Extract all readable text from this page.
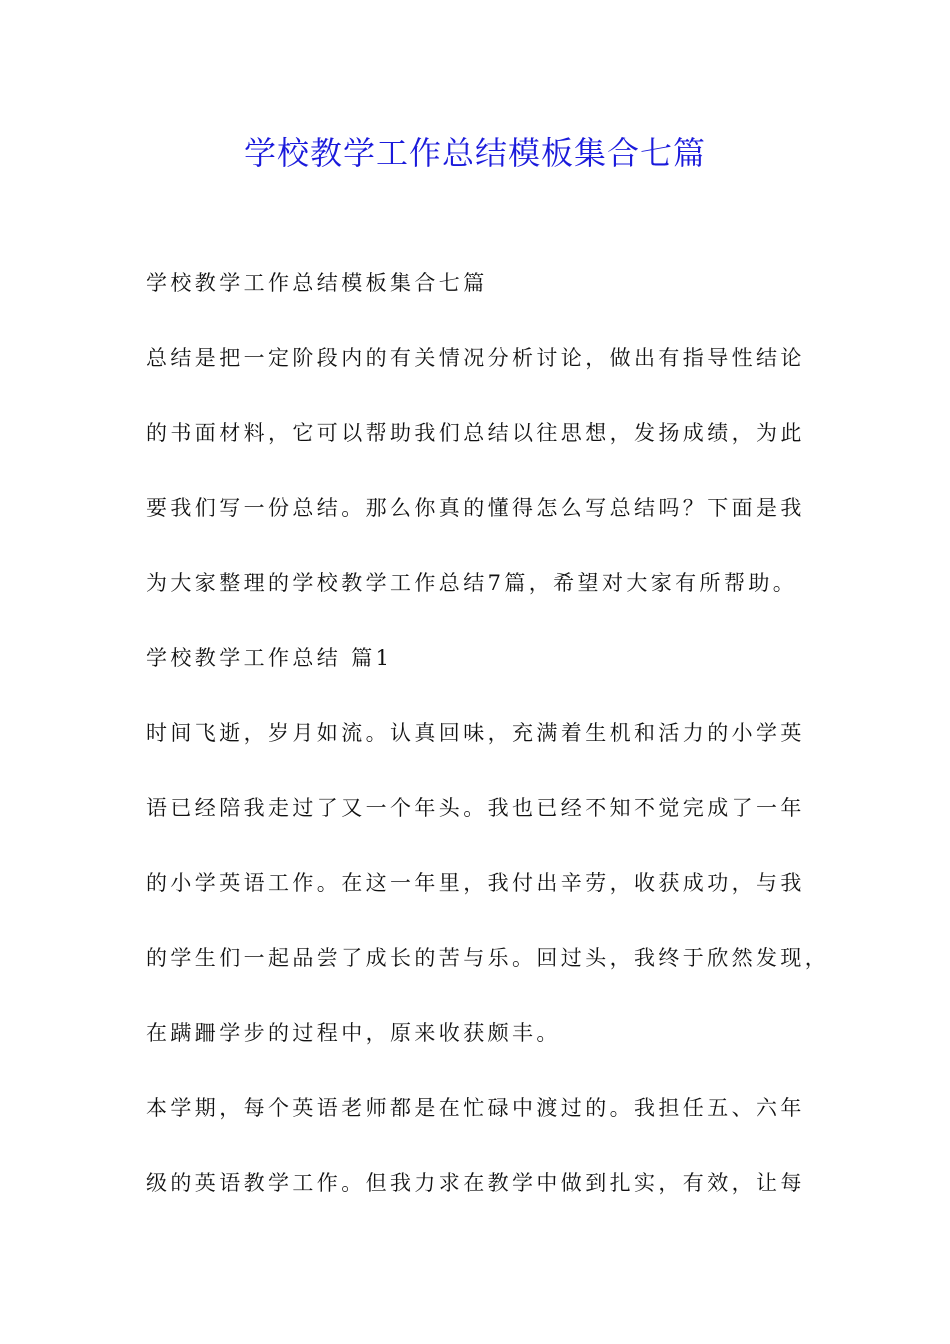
学校教学工作总结模板集合七篇

学校教学工作总结模板集合七篇

总结是把一定阶段内的有关情况分析讨论，做出有指导性结论

的书面材料，它可以帮助我们总结以往思想，发扬成绩，为此

要我们写一份总结。那么你真的懂得怎么写总结吗？下面是我

为大家整理的学校教学工作总结7篇，希望对大家有所帮助。

学校教学工作总结 篇1

时间飞逝，岁月如流。认真回味，充满着生机和活力的小学英

语已经陪我走过了又一个年头。我也已经不知不觉完成了一年

的小学英语工作。在这一年里，我付出辛劳，收获成功，与我

的学生们一起品尝了成长的苦与乐。回过头，我终于欣然发现，

在蹒跚学步的过程中，原来收获颇丰。

本学期，每个英语老师都是在忙碌中渡过的。我担任五、六年

级的英语教学工作。但我力求在教学中做到扎实，有效，让每
